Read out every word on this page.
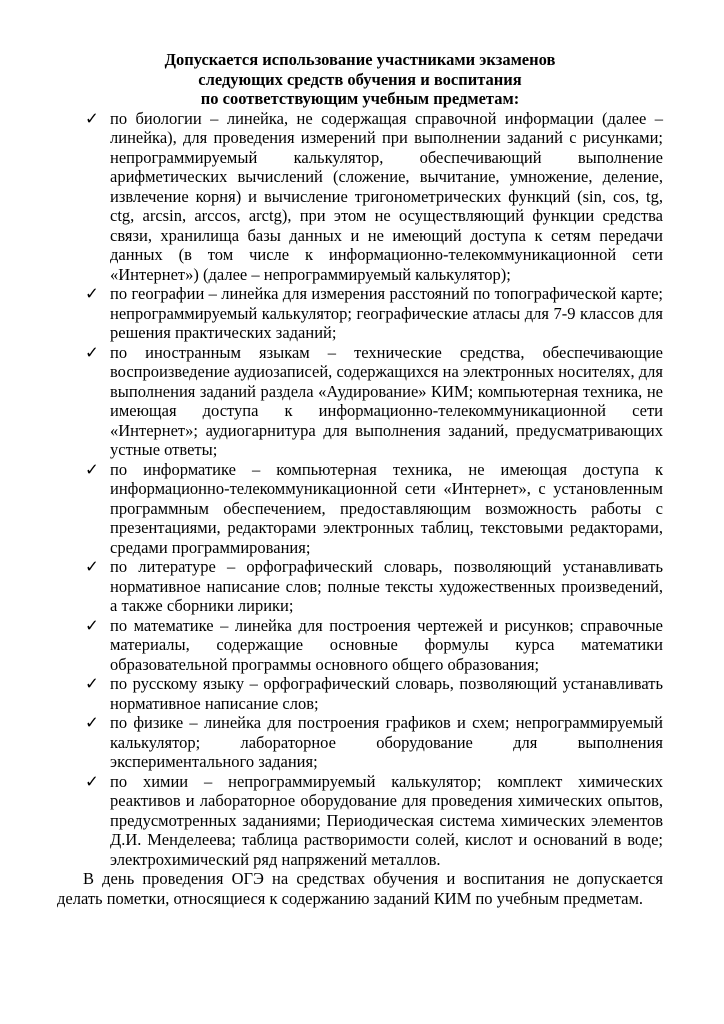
Допускается использование участниками экзаменов
следующих средств обучения и воспитания
по соответствующим учебным предметам:
✓ по биологии – линейка, не содержащая справочной информации (далее – линейка), для проведения измерений при выполнении заданий с рисунками; непрограммируемый калькулятор, обеспечивающий выполнение арифметических вычислений (сложение, вычитание, умножение, деление, извлечение корня) и вычисление тригонометрических функций (sin, cos, tg, ctg, arcsin, arccos, arctg), при этом не осуществляющий функции средства связи, хранилища базы данных и не имеющий доступа к сетям передачи данных (в том числе к информационно-телекоммуникационной сети «Интернет») (далее – непрограммируемый калькулятор);
✓ по географии – линейка для измерения расстояний по топографической карте; непрограммируемый калькулятор; географические атласы для 7-9 классов для решения практических заданий;
✓ по иностранным языкам – технические средства, обеспечивающие воспроизведение аудиозаписей, содержащихся на электронных носителях, для выполнения заданий раздела «Аудирование» КИМ; компьютерная техника, не имеющая доступа к информационно-телекоммуникационной сети «Интернет»; аудиогарнитура для выполнения заданий, предусматривающих устные ответы;
✓ по информатике – компьютерная техника, не имеющая доступа к информационно-телекоммуникационной сети «Интернет», с установленным программным обеспечением, предоставляющим возможность работы с презентациями, редакторами электронных таблиц, текстовыми редакторами, средами программирования;
✓ по литературе – орфографический словарь, позволяющий устанавливать нормативное написание слов; полные тексты художественных произведений, а также сборники лирики;
✓ по математике – линейка для построения чертежей и рисунков; справочные материалы, содержащие основные формулы курса математики образовательной программы основного общего образования;
✓ по русскому языку – орфографический словарь, позволяющий устанавливать нормативное написание слов;
✓ по физике – линейка для построения графиков и схем; непрограммируемый калькулятор; лабораторное оборудование для выполнения экспериментального задания;
✓ по химии – непрограммируемый калькулятор; комплект химических реактивов и лабораторное оборудование для проведения химических опытов, предусмотренных заданиями; Периодическая система химических элементов Д.И. Менделеева; таблица растворимости солей, кислот и оснований в воде; электрохимический ряд напряжений металлов.

В день проведения ОГЭ на средствах обучения и воспитания не допускается делать пометки, относящиеся к содержанию заданий КИМ по учебным предметам.
